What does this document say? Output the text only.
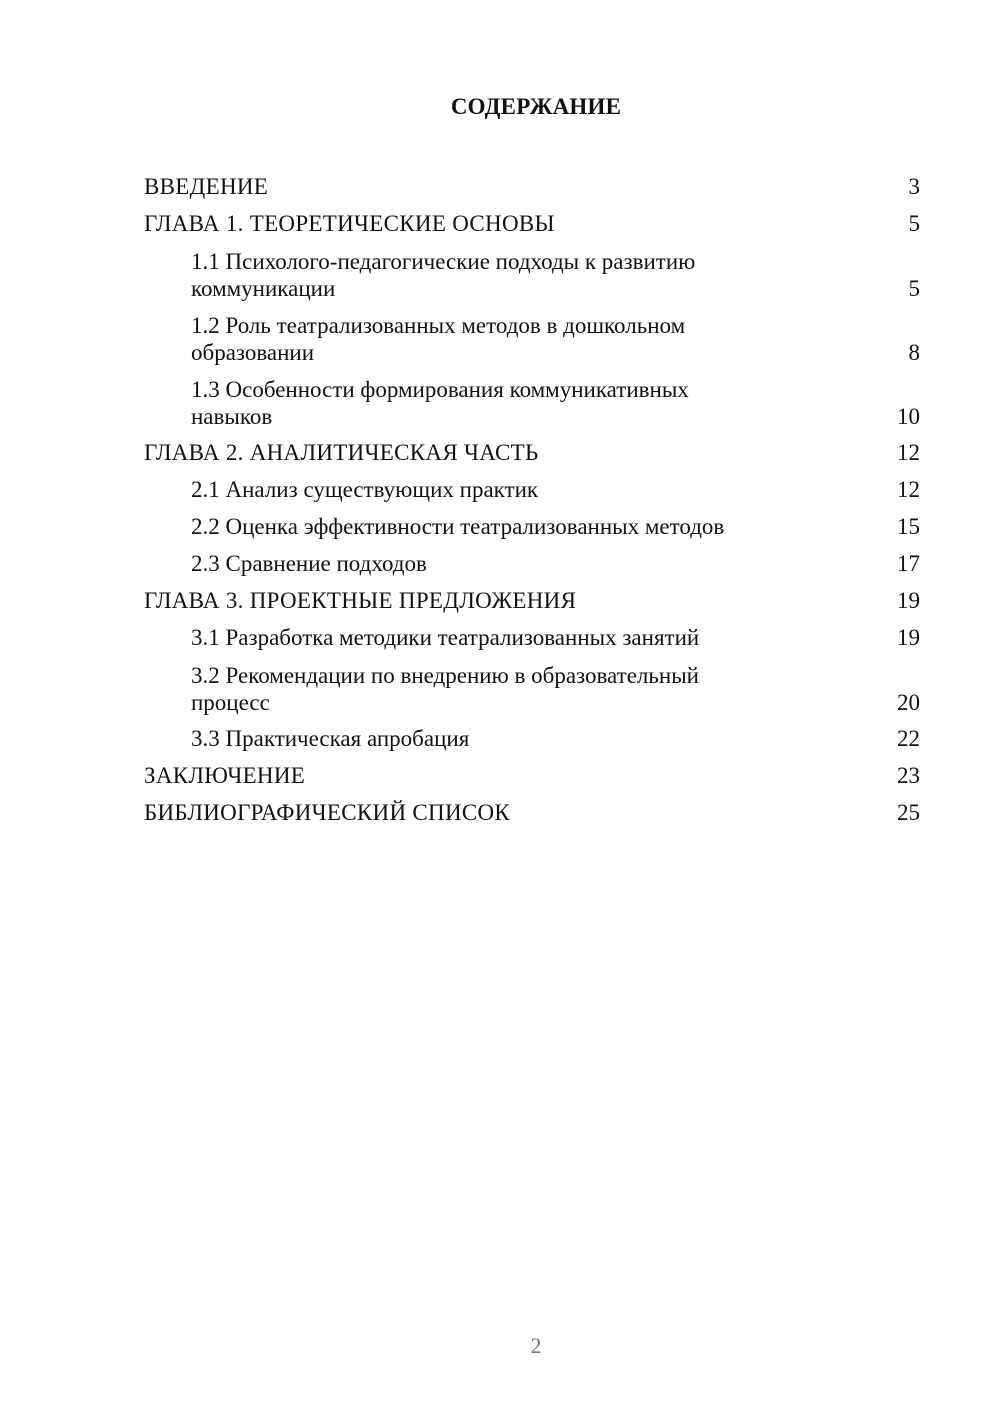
СОДЕРЖАНИЕ
ВВЕДЕНИЕ	3
ГЛАВА 1. ТЕОРЕТИЧЕСКИЕ ОСНОВЫ	5
1.1 Психолого-педагогические подходы к развитию коммуникации	5
1.2 Роль театрализованных методов в дошкольном образовании	8
1.3 Особенности формирования коммуникативных навыков	10
ГЛАВА 2. АНАЛИТИЧЕСКАЯ ЧАСТЬ	12
2.1 Анализ существующих практик	12
2.2 Оценка эффективности театрализованных методов	15
2.3 Сравнение подходов	17
ГЛАВА 3. ПРОЕКТНЫЕ ПРЕДЛОЖЕНИЯ	19
3.1 Разработка методики театрализованных занятий	19
3.2 Рекомендации по внедрению в образовательный процесс	20
3.3 Практическая апробация	22
ЗАКЛЮЧЕНИЕ	23
БИБЛИОГРАФИЧЕСКИЙ СПИСОК	25
2
